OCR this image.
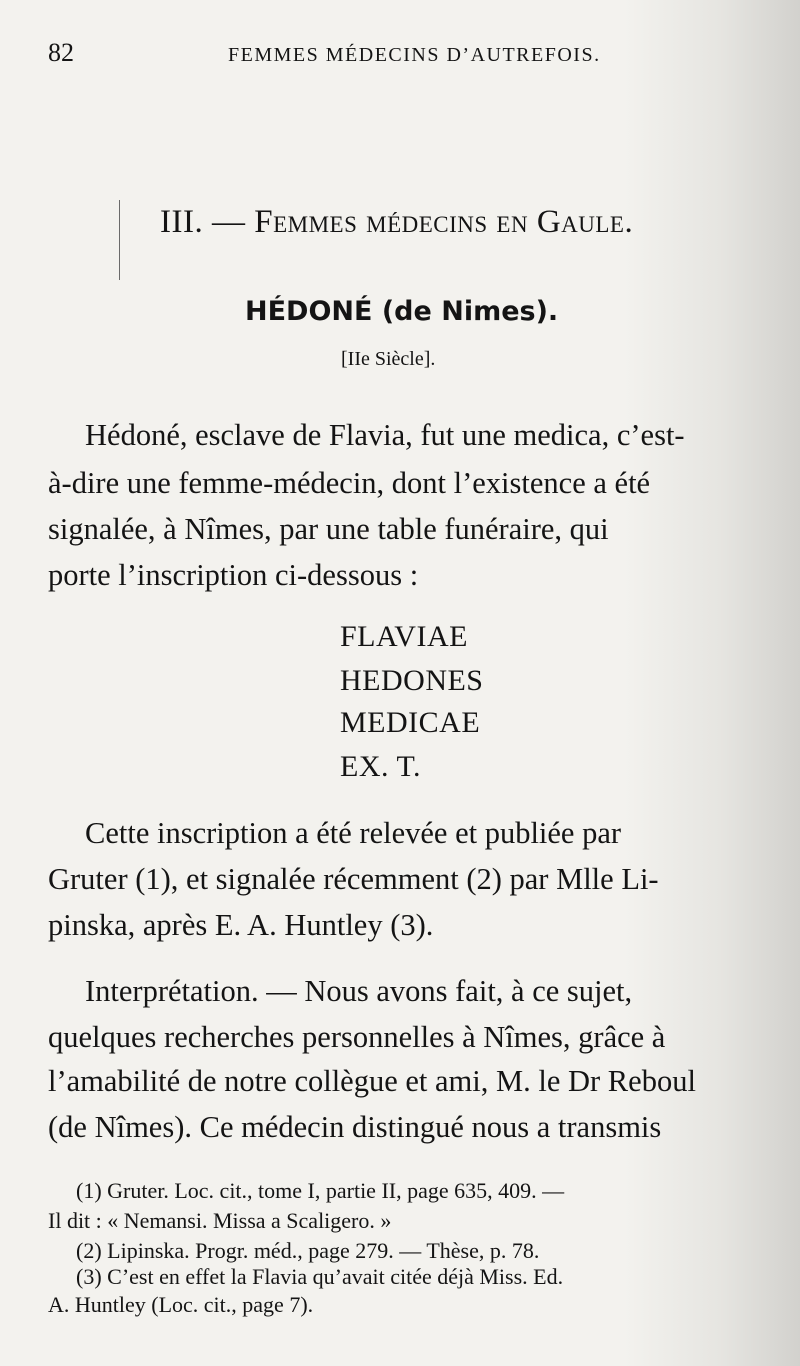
82	FEMMES MÉDECINS D’AUTREFOIS.
III. — Femmes médecins en Gaule.
HÉDONÉ (de Nimes).
[IIe Siècle].
Hédoné, esclave de Flavia, fut une medica, c’est-
à-dire une femme-médecin, dont l’existence a été
signalée, à Nîmes, par une table funéraire, qui
porte l’inscription ci-dessous :
FLAVIAE
HEDONES
MEDICAE
EX. T.
Cette inscription a été relevée et publiée par
Gruter (1), et signalée récemment (2) par Mlle Li-
pinska, après E. A. Huntley (3).
Interprétation. — Nous avons fait, à ce sujet,
quelques recherches personnelles à Nîmes, grâce à
l’amabilité de notre collègue et ami, M. le Dr Reboul
(de Nîmes). Ce médecin distingué nous a transmis
(1) Gruter. Loc. cit., tome I, partie II, page 635, 409. —
Il dit : « Nemansi. Missa a Scaligero. »
(2) Lipinska. Progr. méd., page 279. — Thèse, p. 78.
(3) C’est en effet la Flavia qu’avait citée déjà Miss. Ed.
A. Huntley (Loc. cit., page 7).
